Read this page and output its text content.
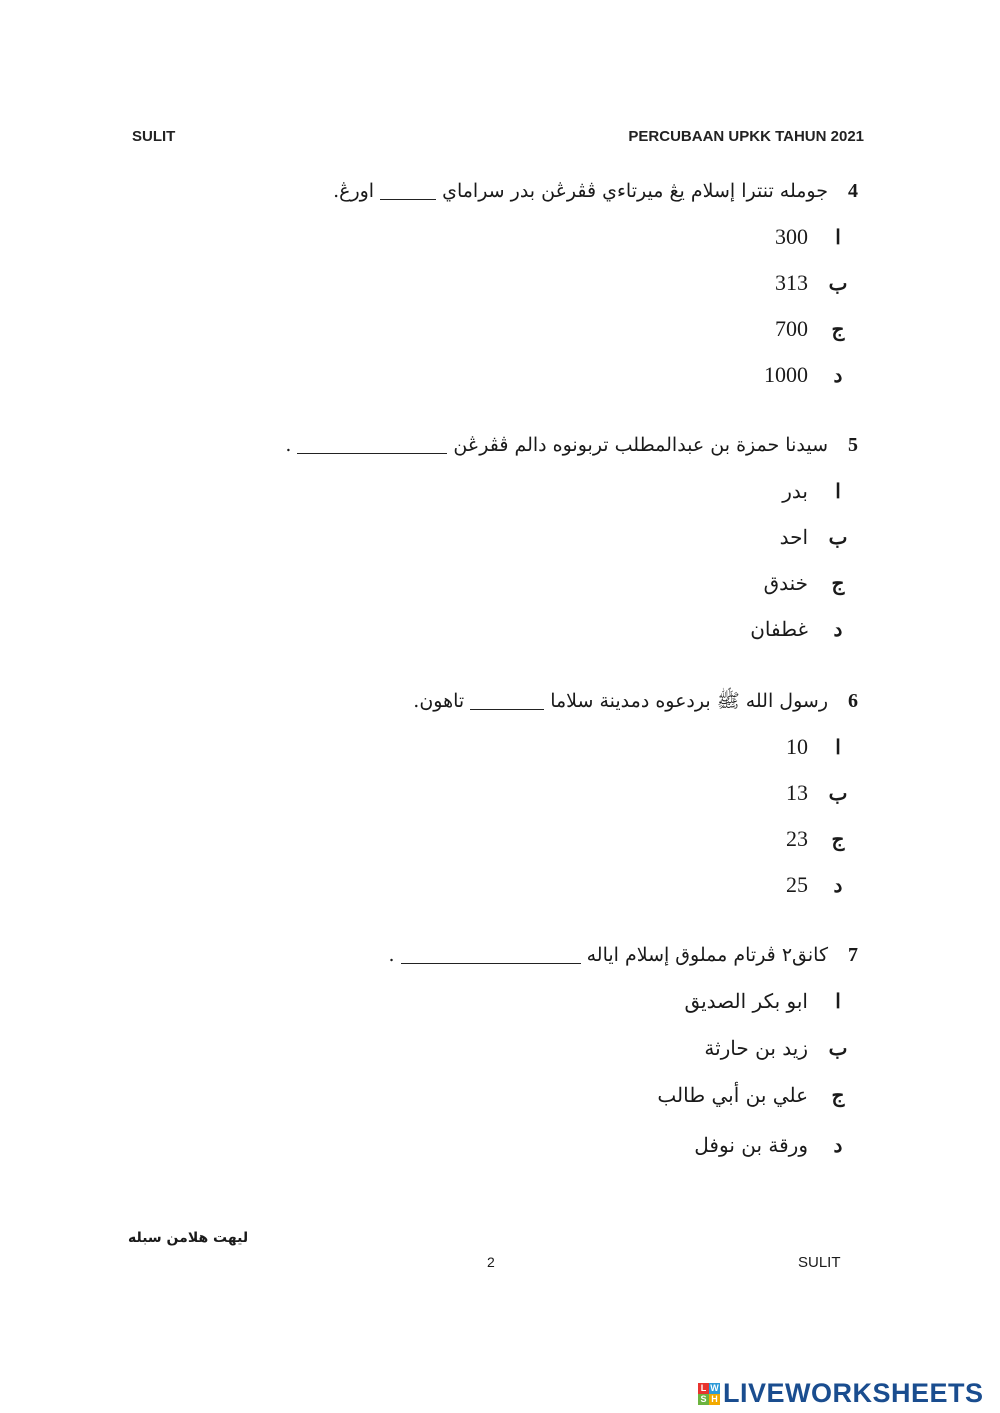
SULIT	PERCUBAAN UPKK TAHUN 2021
4جومله تنترا إسلام يڠ ميرتاءي ڤڤرڠن بدر سراماياورڠ.
ا300
ب313
ج700
د1000
5سيدنا حمزة بن عبدالمطلب تربونوه دالم ڤڤرڠن.
ابدر
باحد
جخندق
دغطفان
6رسول الله ﷺ بردعوه دمدينة سلاماتاهون.
ا10
ب13
ج23
د25
7كانق٢ ڤرتام مملوق إسلام اياله.
اابو بكر الصديق
بزيد بن حارثة
جعلي بن أبي طالب
دورقة بن نوفل
ليهت هلامن سبله
2	SULIT
L W
S H LIVEWORKSHEETS
